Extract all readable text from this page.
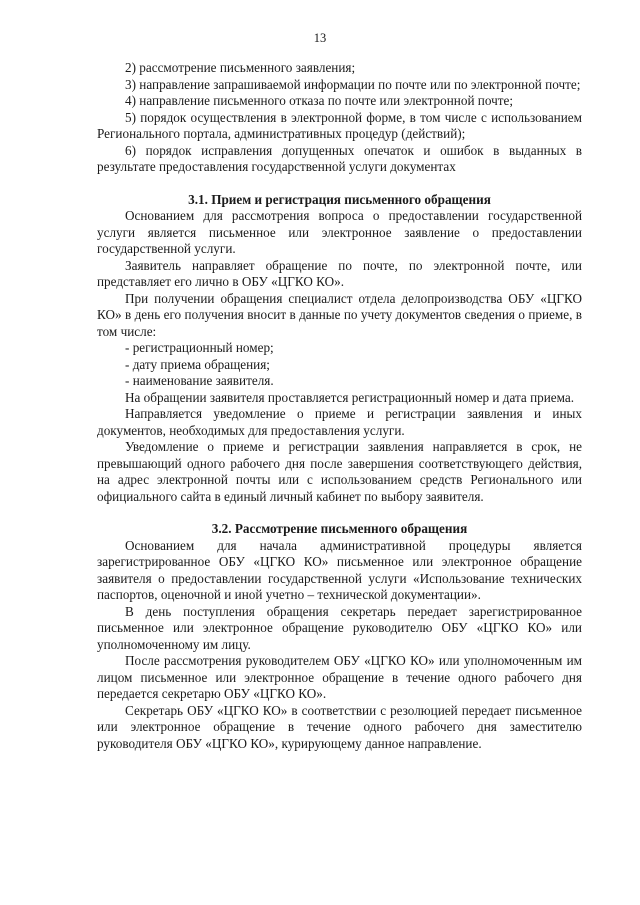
13

2) рассмотрение письменного заявления;

3) направление запрашиваемой информации по почте или по электронной почте;

4) направление письменного отказа по почте или электронной почте;

5) порядок осуществления в электронной форме, в том числе с использованием Регионального портала, административных процедур (действий);

6) порядок исправления допущенных опечаток и ошибок в выданных в результате предоставления государственной услуги документах

3.1. Прием и регистрация письменного обращения

Основанием для рассмотрения вопроса о предоставлении государственной услуги является письменное или электронное заявление о предоставлении государственной услуги.

Заявитель направляет обращение по почте, по электронной почте, или представляет его лично в ОБУ «ЦГКО КО».

При получении обращения специалист отдела делопроизводства ОБУ «ЦГКО КО» в день его получения вносит в данные по учету документов сведения о приеме, в том числе:

- регистрационный номер;

- дату приема обращения;

- наименование заявителя.

На обращении заявителя проставляется регистрационный номер и дата приема.

Направляется уведомление о приеме и регистрации заявления и иных документов, необходимых для предоставления услуги.

Уведомление о приеме и регистрации заявления направляется в срок, не превышающий одного рабочего дня после завершения соответствующего действия, на адрес электронной почты или с использованием средств Регионального или официального сайта в единый личный кабинет по выбору заявителя.

3.2. Рассмотрение письменного обращения

Основанием для начала административной процедуры является зарегистрированное ОБУ «ЦГКО КО» письменное или электронное обращение заявителя о предоставлении государственной услуги «Использование технических паспортов, оценочной и иной учетно – технической документации».

В день поступления обращения секретарь передает зарегистрированное письменное или электронное обращение руководителю ОБУ «ЦГКО КО» или уполномоченному им лицу.

После рассмотрения руководителем ОБУ «ЦГКО КО» или уполномоченным им лицом письменное или электронное обращение в течение одного рабочего дня передается секретарю ОБУ «ЦГКО КО».

Секретарь ОБУ «ЦГКО КО» в соответствии с резолюцией передает письменное или электронное обращение в течение одного рабочего дня заместителю руководителя ОБУ «ЦГКО КО», курирующему данное направление.
